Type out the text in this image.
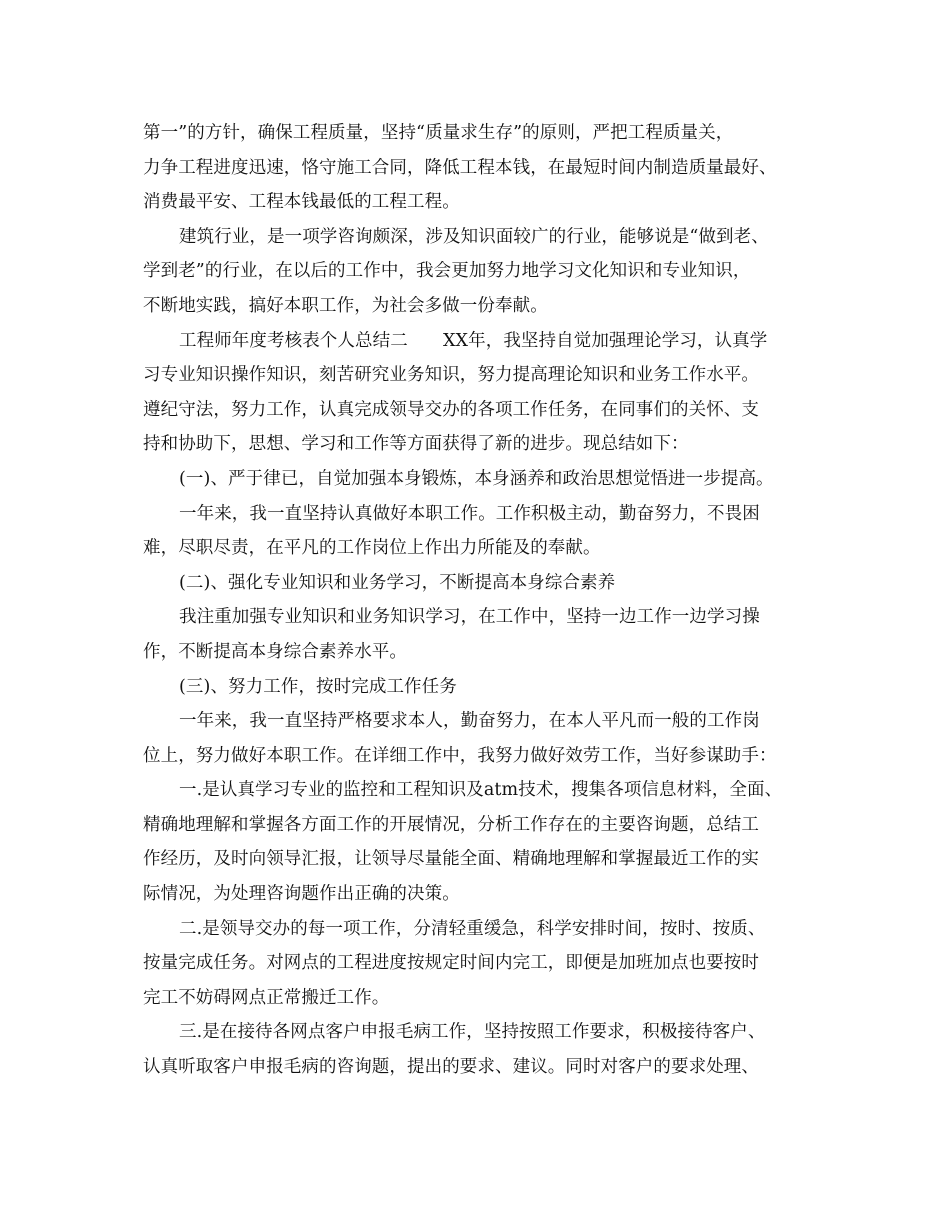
第一”的方针，确保工程质量，坚持“质量求生存”的原则，严把工程质量关，
力争工程进度迅速，恪守施工合同，降低工程本钱，在最短时间内制造质量最好、
消费最平安、工程本钱最低的工程工程。
建筑行业，是一项学咨询颇深，涉及知识面较广的行业，能够说是“做到老、
学到老”的行业，在以后的工作中，我会更加努力地学习文化知识和专业知识，
不断地实践，搞好本职工作，为社会多做一份奉献。
工程师年度考核表个人总结二　　XX年，我坚持自觉加强理论学习，认真学
习专业知识操作知识，刻苦研究业务知识，努力提高理论知识和业务工作水平。
遵纪守法，努力工作，认真完成领导交办的各项工作任务，在同事们的关怀、支
持和协助下，思想、学习和工作等方面获得了新的进步。现总结如下：
(一)、严于律已，自觉加强本身锻炼，本身涵养和政治思想觉悟进一步提高。
一年来，我一直坚持认真做好本职工作。工作积极主动，勤奋努力，不畏困
难，尽职尽责，在平凡的工作岗位上作出力所能及的奉献。
(二)、强化专业知识和业务学习，不断提高本身综合素养
我注重加强专业知识和业务知识学习，在工作中，坚持一边工作一边学习操
作，不断提高本身综合素养水平。
(三)、努力工作，按时完成工作任务
一年来，我一直坚持严格要求本人，勤奋努力，在本人平凡而一般的工作岗
位上，努力做好本职工作。在详细工作中，我努力做好效劳工作，当好参谋助手：
一.是认真学习专业的监控和工程知识及atm技术，搜集各项信息材料，全面、
精确地理解和掌握各方面工作的开展情况，分析工作存在的主要咨询题，总结工
作经历，及时向领导汇报，让领导尽量能全面、精确地理解和掌握最近工作的实
际情况，为处理咨询题作出正确的决策。
二.是领导交办的每一项工作，分清轻重缓急，科学安排时间，按时、按质、
按量完成任务。对网点的工程进度按规定时间内完工，即便是加班加点也要按时
完工不妨碍网点正常搬迁工作。
三.是在接待各网点客户申报毛病工作，坚持按照工作要求，积极接待客户、
认真听取客户申报毛病的咨询题，提出的要求、建议。同时对客户的要求处理、
